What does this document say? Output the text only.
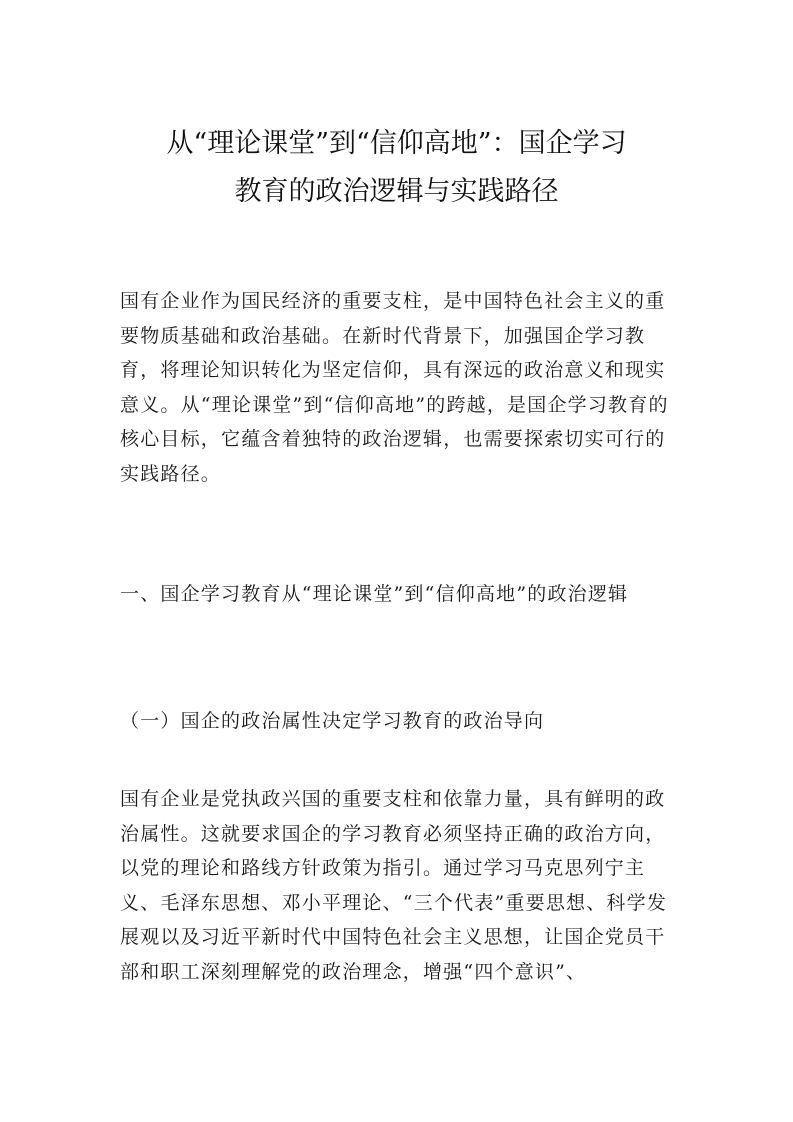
从“理论课堂”到“信仰高地”：国企学习
教育的政治逻辑与实践路径

国有企业作为国民经济的重要支柱，是中国特色社会主义的重要物质基础和政治基础。在新时代背景下，加强国企学习教育，将理论知识转化为坚定信仰，具有深远的政治意义和现实意义。从“理论课堂”到“信仰高地”的跨越，是国企学习教育的核心目标，它蕴含着独特的政治逻辑，也需要探索切实可行的实践路径。

一、国企学习教育从“理论课堂”到“信仰高地”的政治逻辑

（一）国企的政治属性决定学习教育的政治导向

国有企业是党执政兴国的重要支柱和依靠力量，具有鲜明的政治属性。这就要求国企的学习教育必须坚持正确的政治方向，以党的理论和路线方针政策为指引。通过学习马克思列宁主义、毛泽东思想、邓小平理论、“三个代表”重要思想、科学发展观以及习近平新时代中国特色社会主义思想，让国企党员干部和职工深刻理解党的政治理念，增强“四个意识”、
